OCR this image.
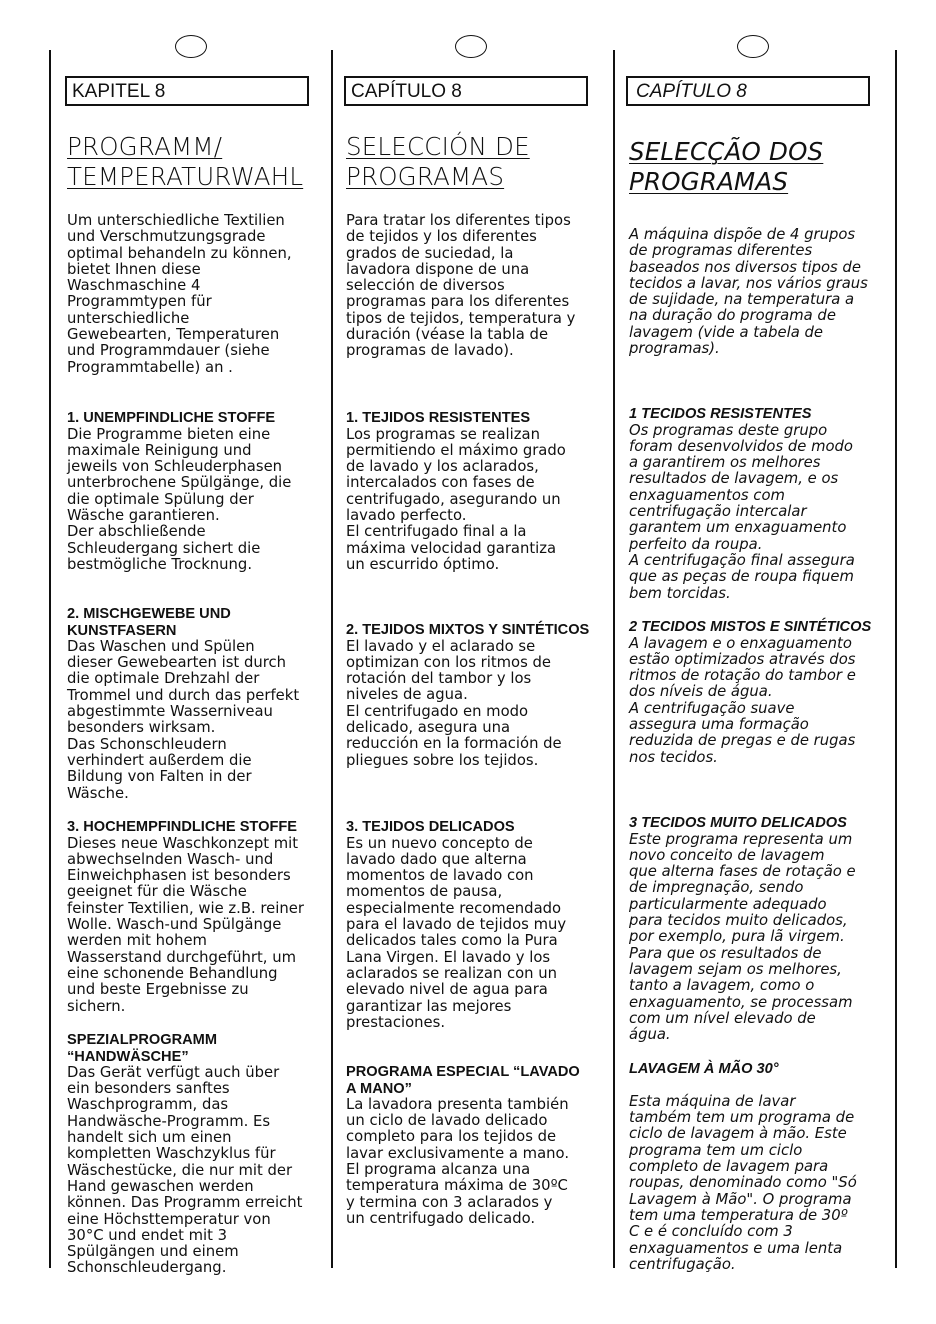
KAPITEL 8
PROGRAMM/
TEMPERATURWAHL
Um unterschiedliche Textilien
und Verschmutzungsgrade
optimal behandeln zu können,
bietet Ihnen diese
Waschmaschine 4
Programmtypen für
unterschiedliche
Gewebearten, Temperaturen
und Programmdauer (siehe
Programmtabelle) an .

1. UNEMPFINDLICHE STOFFE
Die Programme bieten eine
maximale Reinigung und
jeweils von Schleuderphasen
unterbrochene Spülgänge, die
die optimale Spülung der
Wäsche garantieren.
Der abschließende
Schleudergang sichert die
bestmögliche Trocknung.

2. MISCHGEWEBE UND
KUNSTFASERN
Das Waschen und Spülen
dieser Gewebearten ist durch
die optimale Drehzahl der
Trommel und durch das perfekt
abgestimmte Wasserniveau
besonders wirksam.
Das Schonschleudern
verhindert außerdem die
Bildung von Falten in der
Wäsche.

3. HOCHEMPFINDLICHE STOFFE
Dieses neue Waschkonzept mit
abwechselnden Wasch- und
Einweichphasen ist besonders
geeignet für die Wäsche
feinster Textilien, wie z.B. reiner
Wolle. Wasch-und Spülgänge
werden mit hohem
Wasserstand durchgeführt, um
eine schonende Behandlung
und beste Ergebnisse zu
sichern.

SPEZIALPROGRAMM
“HANDWÄSCHE”
Das Gerät verfügt auch über
ein besonders sanftes
Waschprogramm, das
Handwäsche-Programm. Es
handelt sich um einen
kompletten Waschzyklus für
Wäschestücke, die nur mit der
Hand gewaschen werden
können. Das Programm erreicht
eine Höchsttemperatur von
30°C und endet mit 3
Spülgängen und einem
Schonschleudergang.

CAPÍTULO 8
SELECCIÓN DE
PROGRAMAS
Para tratar los diferentes tipos
de tejidos y los diferentes
grados de suciedad, la
lavadora dispone de una
selección de diversos
programas para los diferentes
tipos de tejidos, temperatura y
duración (véase la tabla de
programas de lavado).

1. TEJIDOS RESISTENTES
Los programas se realizan
permitiendo el máximo grado
de lavado y los aclarados,
intercalados con fases de
centrifugado, asegurando un
lavado perfecto.
El centrifugado final a la
máxima velocidad garantiza
un escurrido óptimo.

2. TEJIDOS MIXTOS Y SINTÉTICOS
El lavado y el aclarado se
optimizan con los ritmos de
rotación del tambor y los
niveles de agua.
El centrifugado en modo
delicado, asegura una
reducción en la formación de
pliegues sobre los tejidos.

3. TEJIDOS DELICADOS
Es un nuevo concepto de
lavado dado que alterna
momentos de lavado con
momentos de pausa,
especialmente recomendado
para el lavado de tejidos muy
delicados tales como la Pura
Lana Virgen. El lavado y los
aclarados se realizan con un
elevado nivel de agua para
garantizar las mejores
prestaciones.

PROGRAMA ESPECIAL “LAVADO
A MANO”
La lavadora presenta también
un ciclo de lavado delicado
completo para los tejidos de
lavar exclusivamente a mano.
El programa alcanza una
temperatura máxima de 30ºC
y termina con 3 aclarados y
un centrifugado delicado.

CAPÍTULO 8
SELECÇÃO DOS
PROGRAMAS
A máquina dispõe de 4 grupos
de programas diferentes
baseados nos diversos tipos de
tecidos a lavar, nos vários graus
de sujidade, na temperatura a
na duração do programa de
lavagem (vide a tabela de
programas).

1 TECIDOS RESISTENTES
Os programas deste grupo
foram desenvolvidos de modo
a garantirem os melhores
resultados de lavagem, e os
enxaguamentos com
centrifugação intercalar
garantem um enxaguamento
perfeito da roupa.
A centrifugação final assegura
que as peças de roupa fiquem
bem torcidas.

2 TECIDOS MISTOS E SINTÉTICOS
A lavagem e o enxaguamento
estão optimizados através dos
ritmos de rotação do tambor e
dos níveis de água.
A centrifugação suave
assegura uma formação
reduzida de pregas e de rugas
nos tecidos.

3 TECIDOS MUITO DELICADOS
Este programa representa um
novo conceito de lavagem
que alterna fases de rotação e
de impregnação, sendo
particularmente adequado
para tecidos muito delicados,
por exemplo, pura lã virgem.
Para que os resultados de
lavagem sejam os melhores,
tanto a lavagem, como o
enxaguamento, se processam
com um nível elevado de
água.

LAVAGEM À MÃO 30°

Esta máquina de lavar
também tem um programa de
ciclo de lavagem à mão. Este
programa tem um ciclo
completo de lavagem para
roupas, denominado como "Só
Lavagem à Mão". O programa
tem uma temperatura de 30º
C e é concluído com 3
enxaguamentos e uma lenta
centrifugação.
